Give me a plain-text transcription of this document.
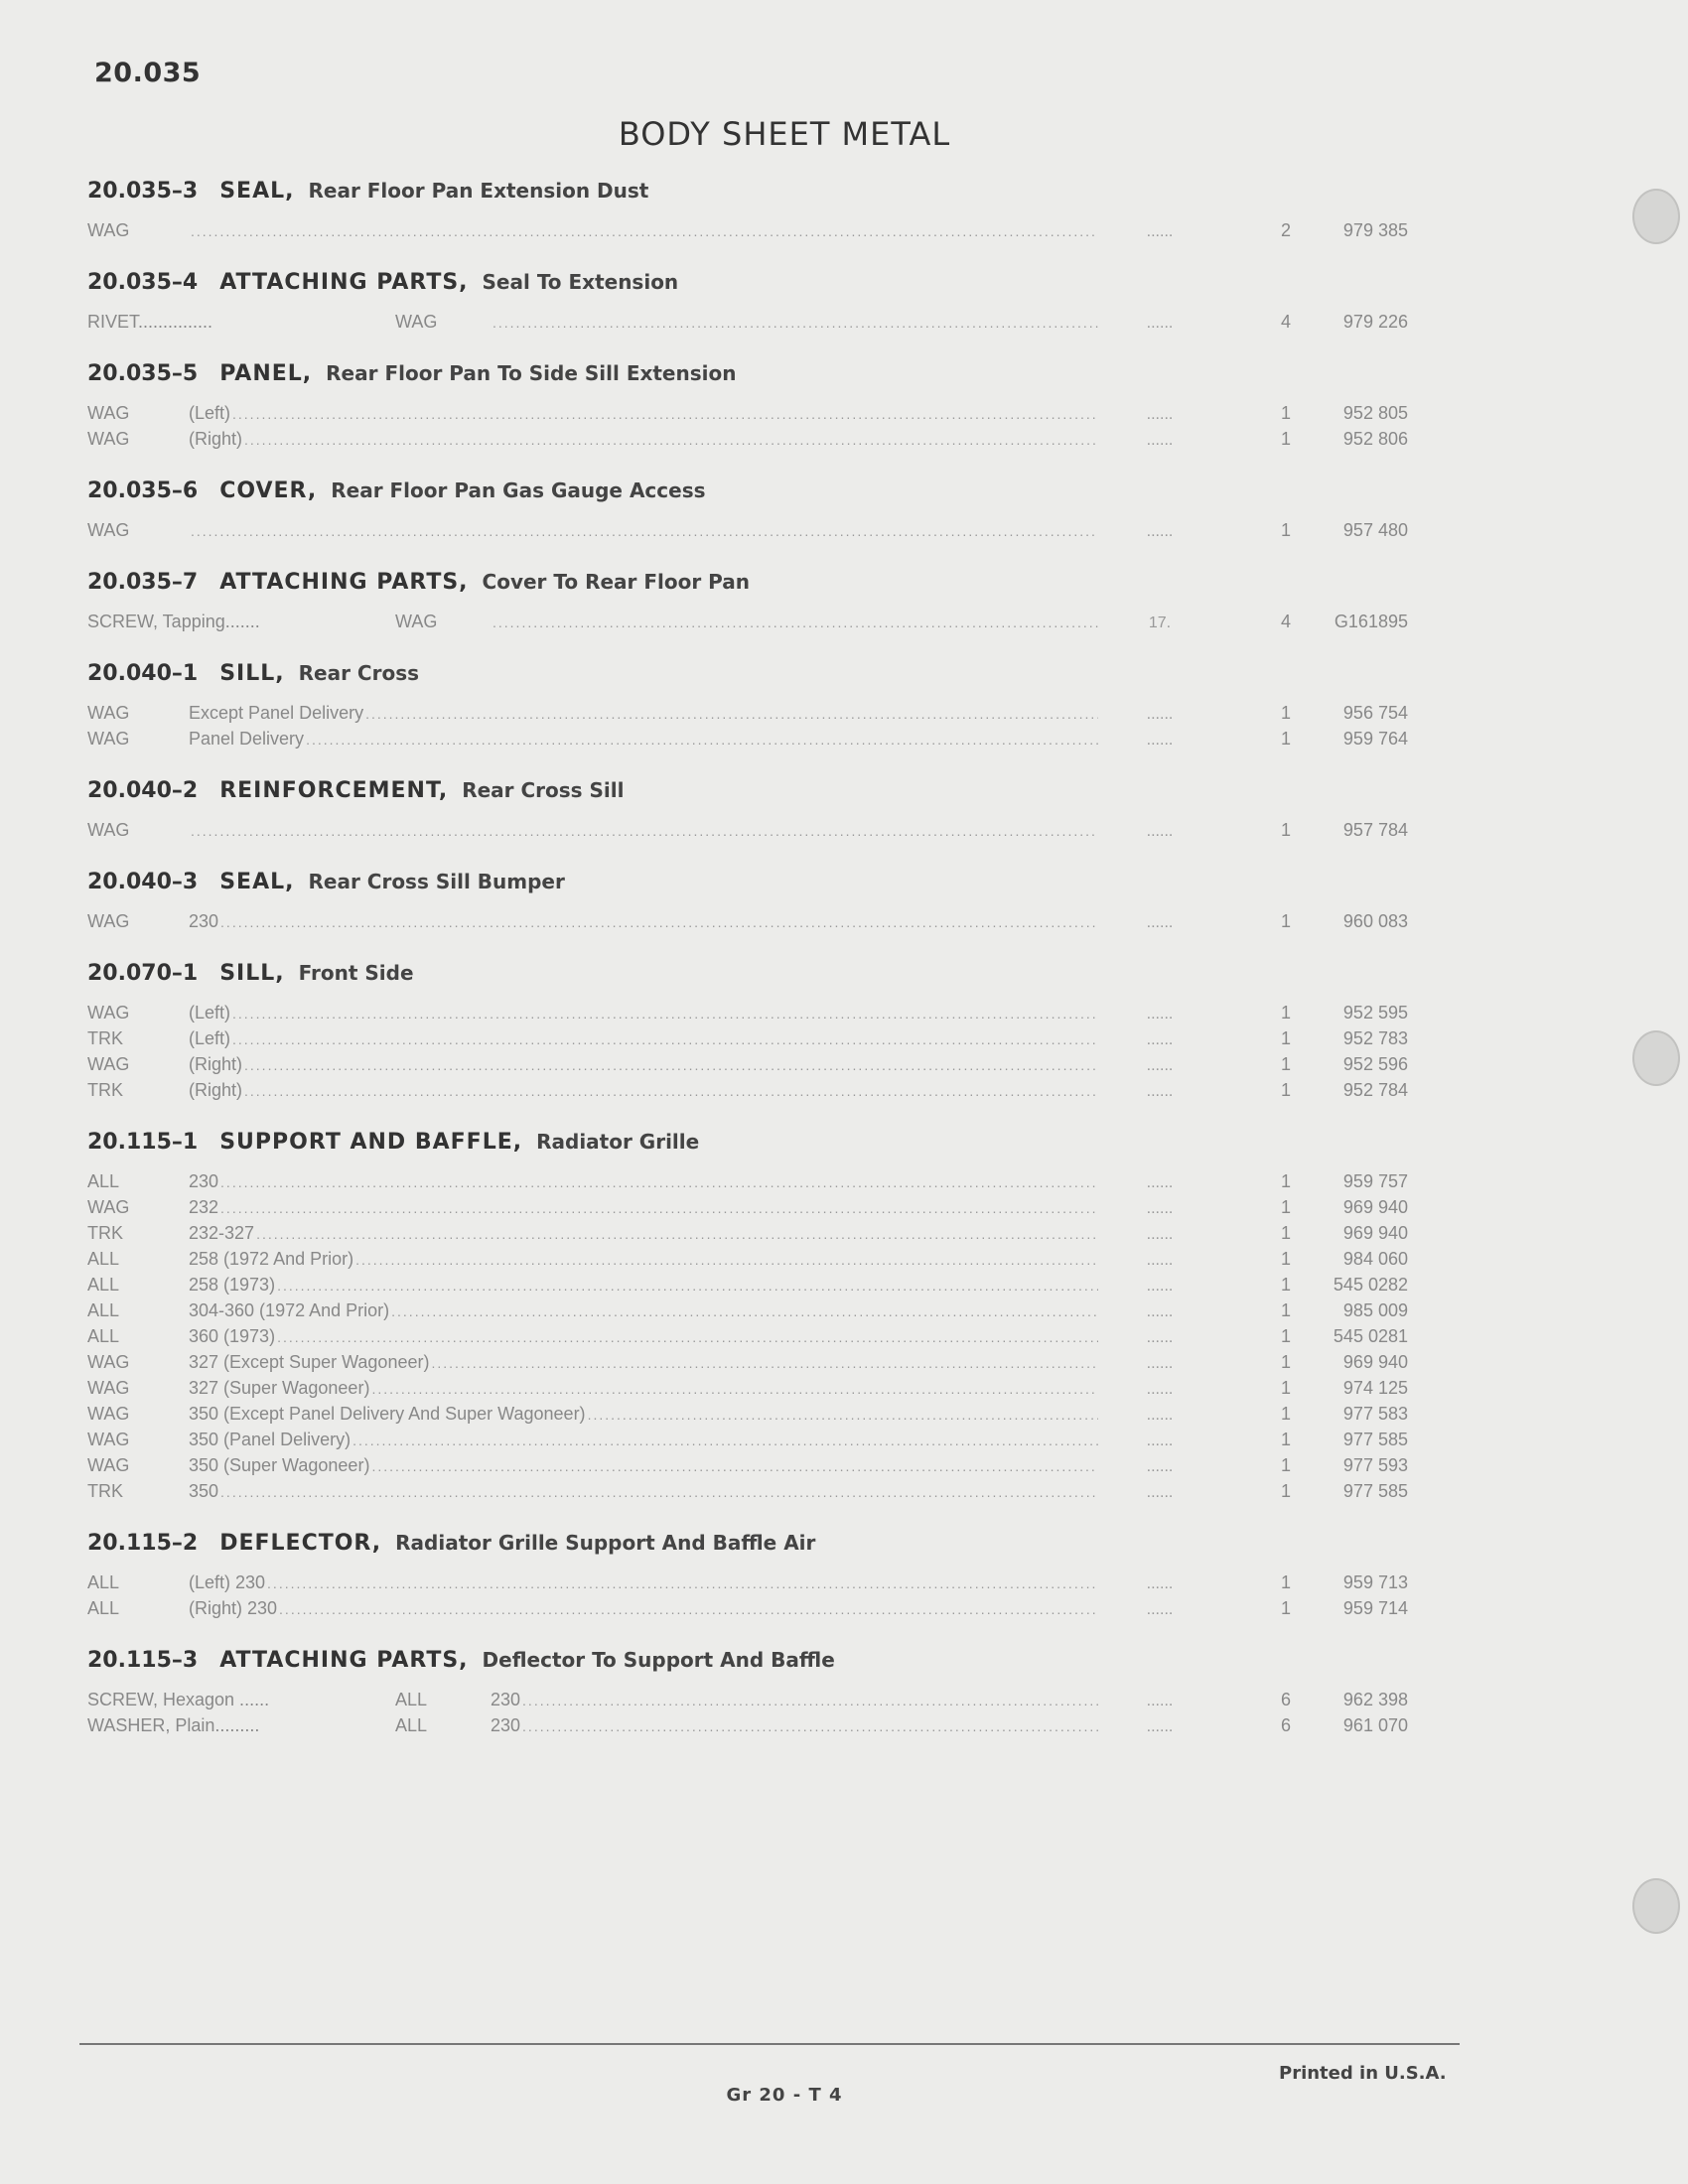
20.035
BODY SHEET METAL
20.035–3 SEAL, Rear Floor Pan Extension Dust
WAG .....	......	2	979 385
20.035–4 ATTACHING PARTS, Seal To Extension
RIVET...............	WAG .....	......	4	979 226
20.035–5 PANEL, Rear Floor Pan To Side Sill Extension
WAG	(Left) .....	......	1	952 805
WAG	(Right) .....	......	1	952 806
20.035–6 COVER, Rear Floor Pan Gas Gauge Access
WAG .....	......	1	957 480
20.035–7 ATTACHING PARTS, Cover To Rear Floor Pan
SCREW, Tapping.......	WAG .....	17.	4	G161895
20.040–1 SILL, Rear Cross
WAG	Except Panel Delivery .....	......	1	956 754
WAG	Panel Delivery .....	......	1	959 764
20.040–2 REINFORCEMENT, Rear Cross Sill
WAG .....	......	1	957 784
20.040–3 SEAL, Rear Cross Sill Bumper
WAG	230 .....	......	1	960 083
20.070–1 SILL, Front Side
WAG	(Left) .....	......	1	952 595
TRK	(Left) .....	......	1	952 783
WAG	(Right) .....	......	1	952 596
TRK	(Right) .....	......	1	952 784
20.115–1 SUPPORT AND BAFFLE, Radiator Grille
ALL	230 .....	......	1	959 757
WAG	232 .....	......	1	969 940
TRK	232-327 .....	......	1	969 940
ALL	258 (1972 And Prior) .....	......	1	984 060
ALL	258 (1973) .....	......	1	545 0282
ALL	304-360 (1972 And Prior) .....	......	1	985 009
ALL	360 (1973) .....	......	1	545 0281
WAG	327 (Except Super Wagoneer) .....	......	1	969 940
WAG	327 (Super Wagoneer) .....	......	1	974 125
WAG	350 (Except Panel Delivery And Super Wagoneer) .....	......	1	977 583
WAG	350 (Panel Delivery) .....	......	1	977 585
WAG	350 (Super Wagoneer) .....	......	1	977 593
TRK	350 .....	......	1	977 585
20.115–2 DEFLECTOR, Radiator Grille Support And Baffle Air
ALL	(Left) 230 .....	......	1	959 713
ALL	(Right) 230 .....	......	1	959 714
20.115–3 ATTACHING PARTS, Deflector To Support And Baffle
SCREW, Hexagon ......	ALL	230 .....	......	6	962 398
WASHER, Plain.........	ALL	230 .....	......	6	961 070
Printed in U.S.A.
Gr 20 - T 4
